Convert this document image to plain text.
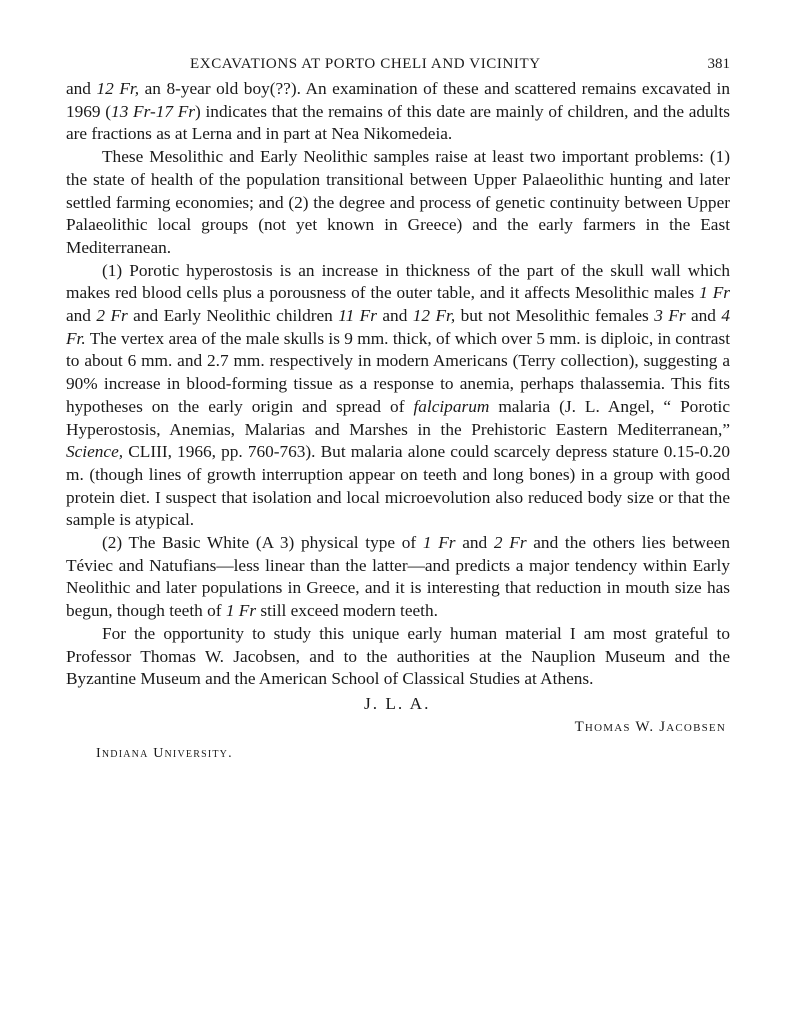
EXCAVATIONS AT PORTO CHELI AND VICINITY	381

and 12 Fr, an 8-year old boy(??). An examination of these and scattered remains excavated in 1969 (13 Fr-17 Fr) indicates that the remains of this date are mainly of children, and the adults are fractions as at Lerna and in part at Nea Nikomedeia.

These Mesolithic and Early Neolithic samples raise at least two important problems: (1) the state of health of the population transitional between Upper Palaeolithic hunting and later settled farming economies; and (2) the degree and process of genetic continuity between Upper Palaeolithic local groups (not yet known in Greece) and the early farmers in the East Mediterranean.

(1) Porotic hyperostosis is an increase in thickness of the part of the skull wall which makes red blood cells plus a porousness of the outer table, and it affects Mesolithic males 1 Fr and 2 Fr and Early Neolithic children 11 Fr and 12 Fr, but not Mesolithic females 3 Fr and 4 Fr. The vertex area of the male skulls is 9 mm. thick, of which over 5 mm. is diploic, in contrast to about 6 mm. and 2.7 mm. respectively in modern Americans (Terry collection), suggesting a 90% increase in blood-forming tissue as a response to anemia, perhaps thalassemia. This fits hypotheses on the early origin and spread of falciparum malaria (J. L. Angel, “ Porotic Hyperostosis, Anemias, Malarias and Marshes in the Prehistoric Eastern Mediterranean,” Science, CLIII, 1966, pp. 760-763). But malaria alone could scarcely depress stature 0.15-0.20 m. (though lines of growth interruption appear on teeth and long bones) in a group with good protein diet. I suspect that isolation and local microevolution also reduced body size or that the sample is atypical.

(2) The Basic White (A 3) physical type of 1 Fr and 2 Fr and the others lies between Téviec and Natufians—less linear than the latter—and predicts a major tendency within Early Neolithic and later populations in Greece, and it is interesting that reduction in mouth size has begun, though teeth of 1 Fr still exceed modern teeth.

For the opportunity to study this unique early human material I am most grateful to Professor Thomas W. Jacobsen, and to the authorities at the Nauplion Museum and the Byzantine Museum and the American School of Classical Studies at Athens.

J. L. A.
Thomas W. Jacobsen
Indiana University.
